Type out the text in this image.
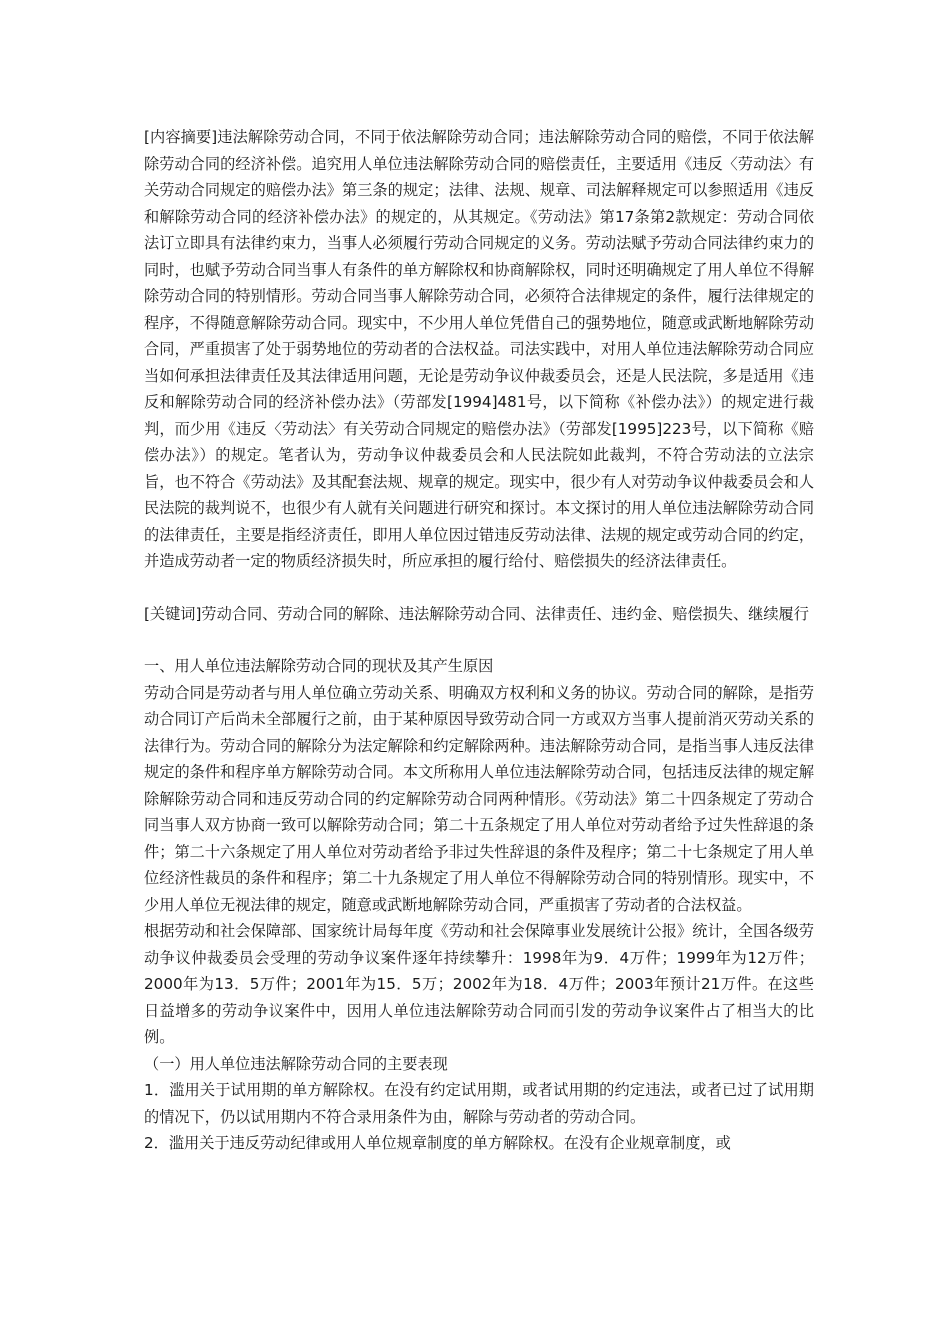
[内容摘要]违法解除劳动合同，不同于依法解除劳动合同；违法解除劳动合同的赔偿，不同于依法解除劳动合同的经济补偿。追究用人单位违法解除劳动合同的赔偿责任，主要适用《违反〈劳动法〉有关劳动合同规定的赔偿办法》第三条的规定；法律、法规、规章、司法解释规定可以参照适用《违反和解除劳动合同的经济补偿办法》的规定的，从其规定。《劳动法》第17条第2款规定：劳动合同依法订立即具有法律约束力，当事人必须履行劳动合同规定的义务。劳动法赋予劳动合同法律约束力的同时，也赋予劳动合同当事人有条件的单方解除权和协商解除权，同时还明确规定了用人单位不得解除劳动合同的特别情形。劳动合同当事人解除劳动合同，必须符合法律规定的条件，履行法律规定的程序，不得随意解除劳动合同。现实中，不少用人单位凭借自己的强势地位，随意或武断地解除劳动合同，严重损害了处于弱势地位的劳动者的合法权益。司法实践中，对用人单位违法解除劳动合同应当如何承担法律责任及其法律适用问题，无论是劳动争议仲裁委员会，还是人民法院，多是适用《违反和解除劳动合同的经济补偿办法》（劳部发[1994]481号，以下简称《补偿办法》）的规定进行裁判，而少用《违反〈劳动法〉有关劳动合同规定的赔偿办法》（劳部发[1995]223号，以下简称《赔偿办法》）的规定。笔者认为，劳动争议仲裁委员会和人民法院如此裁判，不符合劳动法的立法宗旨，也不符合《劳动法》及其配套法规、规章的规定。现实中，很少有人对劳动争议仲裁委员会和人民法院的裁判说不，也很少有人就有关问题进行研究和探讨。本文探讨的用人单位违法解除劳动合同的法律责任，主要是指经济责任，即用人单位因过错违反劳动法律、法规的规定或劳动合同的约定，并造成劳动者一定的物质经济损失时，所应承担的履行给付、赔偿损失的经济法律责任。

[关键词]劳动合同、劳动合同的解除、违法解除劳动合同、法律责任、违约金、赔偿损失、继续履行

一、用人单位违法解除劳动合同的现状及其产生原因

劳动合同是劳动者与用人单位确立劳动关系、明确双方权利和义务的协议。劳动合同的解除，是指劳动合同订产后尚未全部履行之前，由于某种原因导致劳动合同一方或双方当事人提前消灭劳动关系的法律行为。劳动合同的解除分为法定解除和约定解除两种。违法解除劳动合同，是指当事人违反法律规定的条件和程序单方解除劳动合同。本文所称用人单位违法解除劳动合同，包括违反法律的规定解除解除劳动合同和违反劳动合同的约定解除劳动合同两种情形。《劳动法》第二十四条规定了劳动合同当事人双方协商一致可以解除劳动合同；第二十五条规定了用人单位对劳动者给予过失性辞退的条件；第二十六条规定了用人单位对劳动者给予非过失性辞退的条件及程序；第二十七条规定了用人单位经济性裁员的条件和程序；第二十九条规定了用人单位不得解除劳动合同的特别情形。现实中，不少用人单位无视法律的规定，随意或武断地解除劳动合同，严重损害了劳动者的合法权益。

根据劳动和社会保障部、国家统计局每年度《劳动和社会保障事业发展统计公报》统计，全国各级劳动争议仲裁委员会受理的劳动争议案件逐年持续攀升：1998年为9．4万件；1999年为12万件；2000年为13．5万件；2001年为15．5万；2002年为18．4万件；2003年预计21万件。在这些日益增多的劳动争议案件中，因用人单位违法解除劳动合同而引发的劳动争议案件占了相当大的比例。

（一）用人单位违法解除劳动合同的主要表现

1．滥用关于试用期的单方解除权。在没有约定试用期，或者试用期的约定违法，或者已过了试用期的情况下，仍以试用期内不符合录用条件为由，解除与劳动者的劳动合同。

2．滥用关于违反劳动纪律或用人单位规章制度的单方解除权。在没有企业规章制度，或
